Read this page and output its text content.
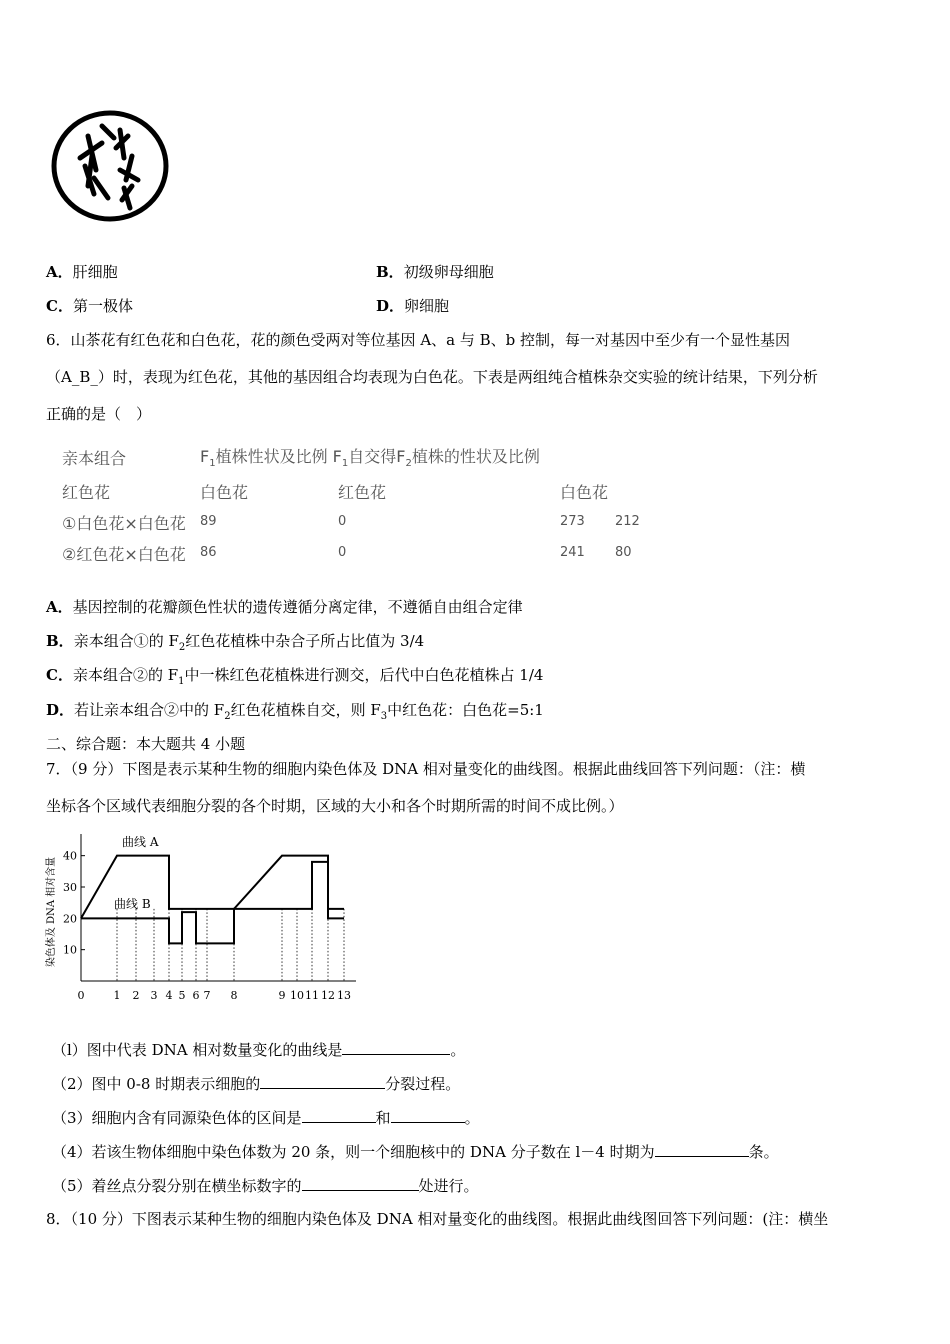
A．肝细胞	B．初级卵母细胞
C．第一极体	D．卵细胞
6．山茶花有红色花和白色花，花的颜色受两对等位基因 A、a 与 B、b 控制，每一对基因中至少有一个显性基因
（A_B_）时，表现为红色花，其他的基因组合均表现为白色花。下表是两组纯合植株杂交实验的统计结果，下列分析
正确的是（　）
亲本组合	$F_1$植株性状及比例 $F_1$自交得$F_2$植株的性状及比例
红色花	白色花	红色花	白色花
①白色花×白色花 89	0	273 212
②红色花×白色花 86	0	241 80
A．基因控制的花瓣颜色性状的遗传遵循分离定律，不遵循自由组合定律
B．亲本组合①的 $F_2$红色花植株中杂合子所占比值为 3/4
C．亲本组合②的 $F_1$中一株红色花植株进行测交，后代中白色花植株占 1/4
D．若让亲本组合②中的 $F_2$红色花植株自交，则 $F_3$中红色花：白色花=5:1
二、综合题：本大题共 4 小题
7．（9 分）下图是表示某种生物的细胞内染色体及 DNA 相对量变化的曲线图。根据此曲线回答下列问题：（注：横
坐标各个区域代表细胞分裂的各个时期，区域的大小和各个时期所需的时间不成比例。）
10
20
30
40
0	1 2 3 4 5 6 7 8	9 10 11 12 13
曲线 A
曲线 B
染色体及 DNA 相对含量
（l）图中代表 DNA 相对数量变化的曲线是	。
（2）图中 0-8 时期表示细胞的	分裂过程。
（3）细胞内含有同源染色体的区间是	和	。
（4）若该生物体细胞中染色体数为 20 条，则一个细胞核中的 DNA 分子数在 l－4 时期为	条。
（5）着丝点分裂分别在横坐标数字的	处进行。
8．（10 分）下图表示某种生物的细胞内染色体及 DNA 相对量变化的曲线图。根据此曲线图回答下列问题：(注：横坐
